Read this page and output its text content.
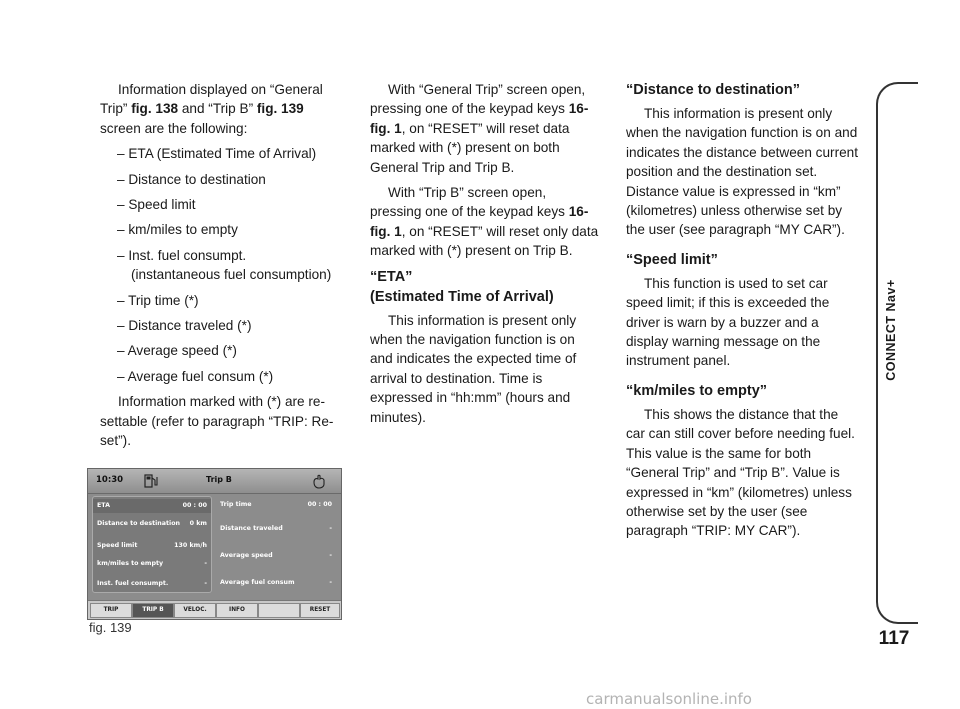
Information displayed on “General Trip” fig. 138 and “Trip B” fig. 139 screen are the following:

– ETA (Estimated Time of Arrival)
– Distance to destination
– Speed limit
– km/miles to empty
– Inst. fuel consumpt.
(instantaneous fuel consumption)
– Trip time (*)
– Distance traveled (*)
– Average speed (*)
– Average fuel consum (*)

Information marked with (*) are re-settable (refer to paragraph “TRIP: Re-set”).

With “General Trip” screen open, pressing one of the keypad keys 16-fig. 1, on “RESET” will reset data marked with (*) present on both General Trip and Trip B.

With “Trip B” screen open, pressing one of the keypad keys 16-fig. 1, on “RESET” will reset only data marked with (*) present on Trip B.

“ETA”
(Estimated Time of Arrival)

This information is present only when the navigation function is on and indicates the expected time of arrival to destination. Time is expressed in “hh:mm” (hours and minutes).

“Distance to destination”

This information is present only when the navigation function is on and indicates the distance between current position and the destination set. Distance value is expressed in “km” (kilometres) unless otherwise set by the user (see paragraph “MY CAR”).

“Speed limit”

This function is used to set car speed limit; if this is exceeded the driver is warn by a buzzer and a display warning message on the instrument panel.

“km/miles to empty”

This shows the distance that the car can still cover before needing fuel. This value is the same for both “General Trip” and “Trip B”. Value is expressed in “km” (kilometres) unless otherwise set by the user (see paragraph “TRIP: MY CAR”).

CONNECT Nav+
117
10:30	Trip B
ETA	00 : 00
Distance to destination 0 km
Speed limit	130 km/h
km/miles to empty	-
Inst. fuel consumpt.	-
Trip time	00 : 00
Distance traveled	-
Average speed	-
Average fuel consum	-
TRIP	TRIP B	VELOC.	INFO	RESET
fig. 139
carmanualsonline.info
